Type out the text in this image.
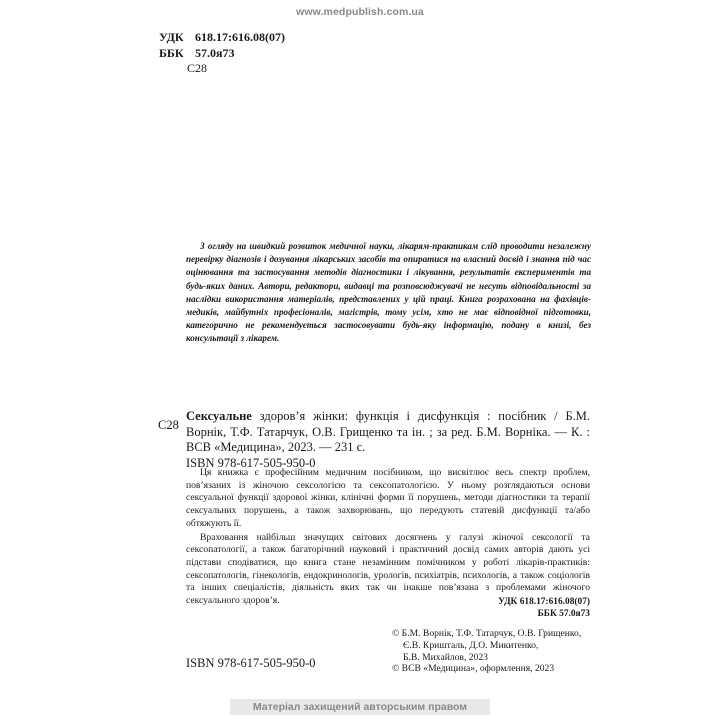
www.medpublish.com.ua
УДК 618.17:616.08(07)
ББК 57.0я73
С28
З огляду на швидкий розвиток медичної науки, лікарям-практикам слід проводити незалежну перевірку діагнозів і дозування лікарських засобів та опиратися на власний досвід і знання під час оцінювання та застосування методів діагностики і лікування, результатів експериментів та будь-яких даних. Автори, редактори, видавці та розповсюджувачі не несуть відповідальності за наслідки використання матеріалів, представлених у цій праці. Книга розрахована на фахівців-медиків, майбутніх професіоналів, магістрів, тому усім, хто не має відповідної підготовки, категорично не рекомендується застосовувати будь-яку інформацію, подану в книзі, без консультації з лікарем.
С28
Сексуальне здоров’я жінки: функція і дисфункція : посібник / Б.М. Ворнік, Т.Ф. Татарчук, О.В. Грищенко та ін. ; за ред. Б.М. Ворніка. — К. : ВСВ «Медицина», 2023. — 231 с.
ISBN 978-617-505-950-0

Ця книжка є професійним медичним посібником, що висвітлює весь спектр проблем, пов’язаних із жіночою сексологією та сексопатологією. У ньому розглядаються основи сексуальної функції здорової жінки, клінічні форми її порушень, методи діагностики та терапії сексуальних порушень, а також захворювань, що передують статевій дисфункції та/або обтяжують її.

Враховання найбільш значущих світових досягнень у галузі жіночої сексології та сексопатології, а також багаторічний науковий і практичний досвід самих авторів дають усі підстави сподіватися, що книга стане незамінним помічником у роботі лікарів-практиків: сексопатологів, гінекологів, ендокринологів, урологів, психіатрів, психологів, а також соціологів та інших спеціалістів, діяльність яких так чи інакше пов’язана з проблемами жіночого сексуального здоров’я.	УДК 618.17:616.08(07)
ББК 57.0я73
ISBN 978-617-505-950-0
© Б.М. Ворнік, Т.Ф. Татарчук, О.В. Грищенко,
Є.В. Кришталь, Д.О. Микитенко,
Б.В. Михайлов, 2023
© ВСВ «Медицина», оформлення, 2023
Матеріал захищений авторським правом
